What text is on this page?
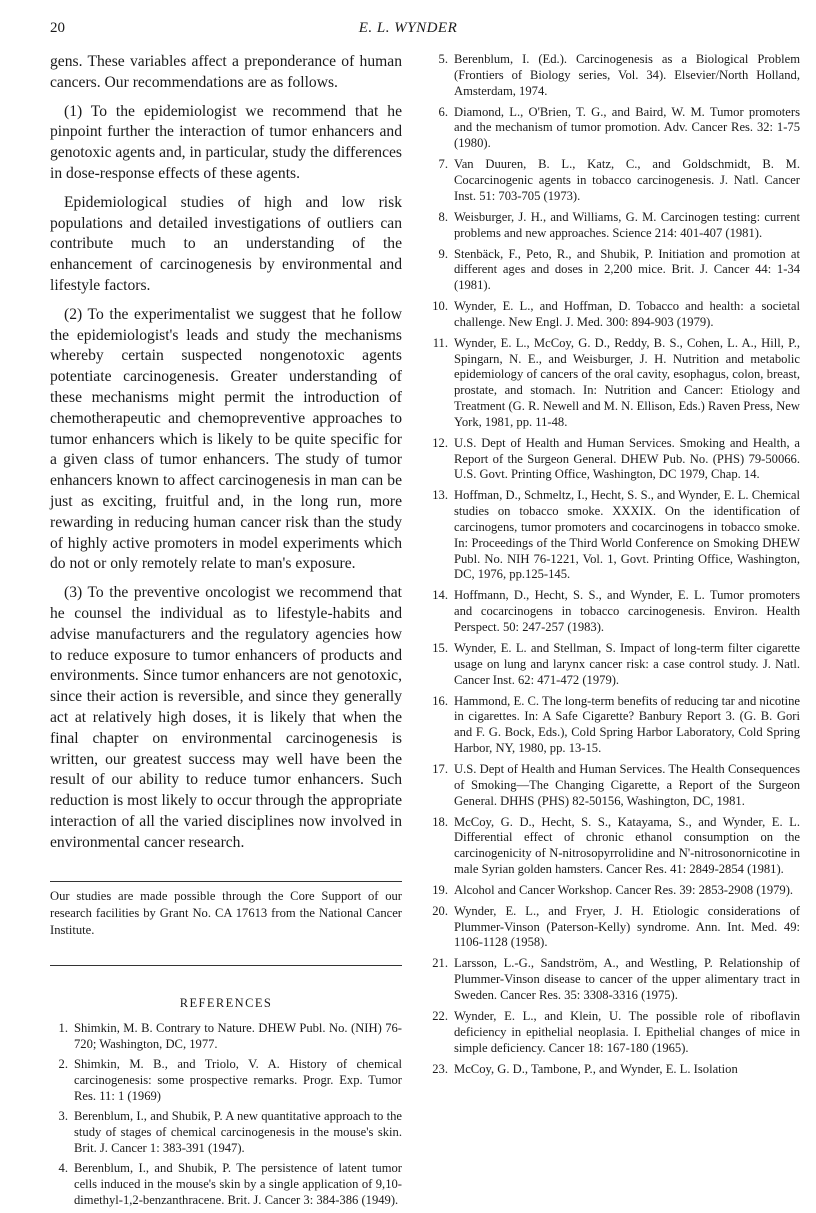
20	E. L. WYNDER

gens. These variables affect a preponderance of human cancers. Our recommendations are as follows.

(1) To the epidemiologist we recommend that he pinpoint further the interaction of tumor enhancers and genotoxic agents and, in particular, study the differences in dose-response effects of these agents.

Epidemiological studies of high and low risk populations and detailed investigations of outliers can contribute much to an understanding of the enhancement of carcinogenesis by environmental and lifestyle factors.

(2) To the experimentalist we suggest that he follow the epidemiologist's leads and study the mechanisms whereby certain suspected nongenotoxic agents potentiate carcinogenesis. Greater understanding of these mechanisms might permit the introduction of chemotherapeutic and chemopreventive approaches to tumor enhancers which is likely to be quite specific for a given class of tumor enhancers. The study of tumor enhancers known to affect carcinogenesis in man can be just as exciting, fruitful and, in the long run, more rewarding in reducing human cancer risk than the study of highly active promoters in model experiments which do not or only remotely relate to man's exposure.

(3) To the preventive oncologist we recommend that he counsel the individual as to lifestyle-habits and advise manufacturers and the regulatory agencies how to reduce exposure to tumor enhancers of products and environments. Since tumor enhancers are not genotoxic, since their action is reversible, and since they generally act at relatively high doses, it is likely that when the final chapter on environmental carcinogenesis is written, our greatest success may well have been the result of our ability to reduce tumor enhancers. Such reduction is most likely to occur through the appropriate interaction of all the varied disciplines now involved in environmental cancer research.

Our studies are made possible through the Core Support of our research facilities by Grant No. CA 17613 from the National Cancer Institute.
REFERENCES
1. Shimkin, M. B. Contrary to Nature. DHEW Publ. No. (NIH) 76-720; Washington, DC, 1977.
2. Shimkin, M. B., and Triolo, V. A. History of chemical carcinogenesis: some prospective remarks. Progr. Exp. Tumor Res. 11: 1 (1969)
3. Berenblum, I., and Shubik, P. A new quantitative approach to the study of stages of chemical carcinogenesis in the mouse's skin. Brit. J. Cancer 1: 383-391 (1947).
4. Berenblum, I., and Shubik, P. The persistence of latent tumor cells induced in the mouse's skin by a single application of 9,10-dimethyl-1,2-benzanthracene. Brit. J. Cancer 3: 384-386 (1949).
5. Berenblum, I. (Ed.). Carcinogenesis as a Biological Problem (Frontiers of Biology series, Vol. 34). Elsevier/North Holland, Amsterdam, 1974.
6. Diamond, L., O'Brien, T. G., and Baird, W. M. Tumor promoters and the mechanism of tumor promotion. Adv. Cancer Res. 32: 1-75 (1980).
7. Van Duuren, B. L., Katz, C., and Goldschmidt, B. M. Cocarcinogenic agents in tobacco carcinogenesis. J. Natl. Cancer Inst. 51: 703-705 (1973).
8. Weisburger, J. H., and Williams, G. M. Carcinogen testing: current problems and new approaches. Science 214: 401-407 (1981).
9. Stenbäck, F., Peto, R., and Shubik, P. Initiation and promotion at different ages and doses in 2,200 mice. Brit. J. Cancer 44: 1-34 (1981).
10. Wynder, E. L., and Hoffman, D. Tobacco and health: a societal challenge. New Engl. J. Med. 300: 894-903 (1979).
11. Wynder, E. L., McCoy, G. D., Reddy, B. S., Cohen, L. A., Hill, P., Spingarn, N. E., and Weisburger, J. H. Nutrition and metabolic epidemiology of cancers of the oral cavity, esophagus, colon, breast, prostate, and stomach. In: Nutrition and Cancer: Etiology and Treatment (G. R. Newell and M. N. Ellison, Eds.) Raven Press, New York, 1981, pp. 11-48.
12. U.S. Dept of Health and Human Services. Smoking and Health, a Report of the Surgeon General. DHEW Pub. No. (PHS) 79-50066. U.S. Govt. Printing Office, Washington, DC 1979, Chap. 14.
13. Hoffman, D., Schmeltz, I., Hecht, S. S., and Wynder, E. L. Chemical studies on tobacco smoke. XXXIX. On the identification of carcinogens, tumor promoters and cocarcinogens in tobacco smoke. In: Proceedings of the Third World Conference on Smoking DHEW Publ. No. NIH 76-1221, Vol. 1, Govt. Printing Office, Washington, DC, 1976, pp.125-145.
14. Hoffmann, D., Hecht, S. S., and Wynder, E. L. Tumor promoters and cocarcinogens in tobacco carcinogenesis. Environ. Health Perspect. 50: 247-257 (1983).
15. Wynder, E. L. and Stellman, S. Impact of long-term filter cigarette usage on lung and larynx cancer risk: a case control study. J. Natl. Cancer Inst. 62: 471-472 (1979).
16. Hammond, E. C. The long-term benefits of reducing tar and nicotine in cigarettes. In: A Safe Cigarette? Banbury Report 3. (G. B. Gori and F. G. Bock, Eds.), Cold Spring Harbor Laboratory, Cold Spring Harbor, NY, 1980, pp. 13-15.
17. U.S. Dept of Health and Human Services. The Health Consequences of Smoking—The Changing Cigarette, a Report of the Surgeon General. DHHS (PHS) 82-50156, Washington, DC, 1981.
18. McCoy, G. D., Hecht, S. S., Katayama, S., and Wynder, E. L. Differential effect of chronic ethanol consumption on the carcinogenicity of N-nitrosopyrrolidine and N'-nitrosonornicotine in male Syrian golden hamsters. Cancer Res. 41: 2849-2854 (1981).
19. Alcohol and Cancer Workshop. Cancer Res. 39: 2853-2908 (1979).
20. Wynder, E. L., and Fryer, J. H. Etiologic considerations of Plummer-Vinson (Paterson-Kelly) syndrome. Ann. Int. Med. 49: 1106-1128 (1958).
21. Larsson, L.-G., Sandström, A., and Westling, P. Relationship of Plummer-Vinson disease to cancer of the upper alimentary tract in Sweden. Cancer Res. 35: 3308-3316 (1975).
22. Wynder, E. L., and Klein, U. The possible role of riboflavin deficiency in epithelial neoplasia. I. Epithelial changes of mice in simple deficiency. Cancer 18: 167-180 (1965).
23. McCoy, G. D., Tambone, P., and Wynder, E. L. Isolation
